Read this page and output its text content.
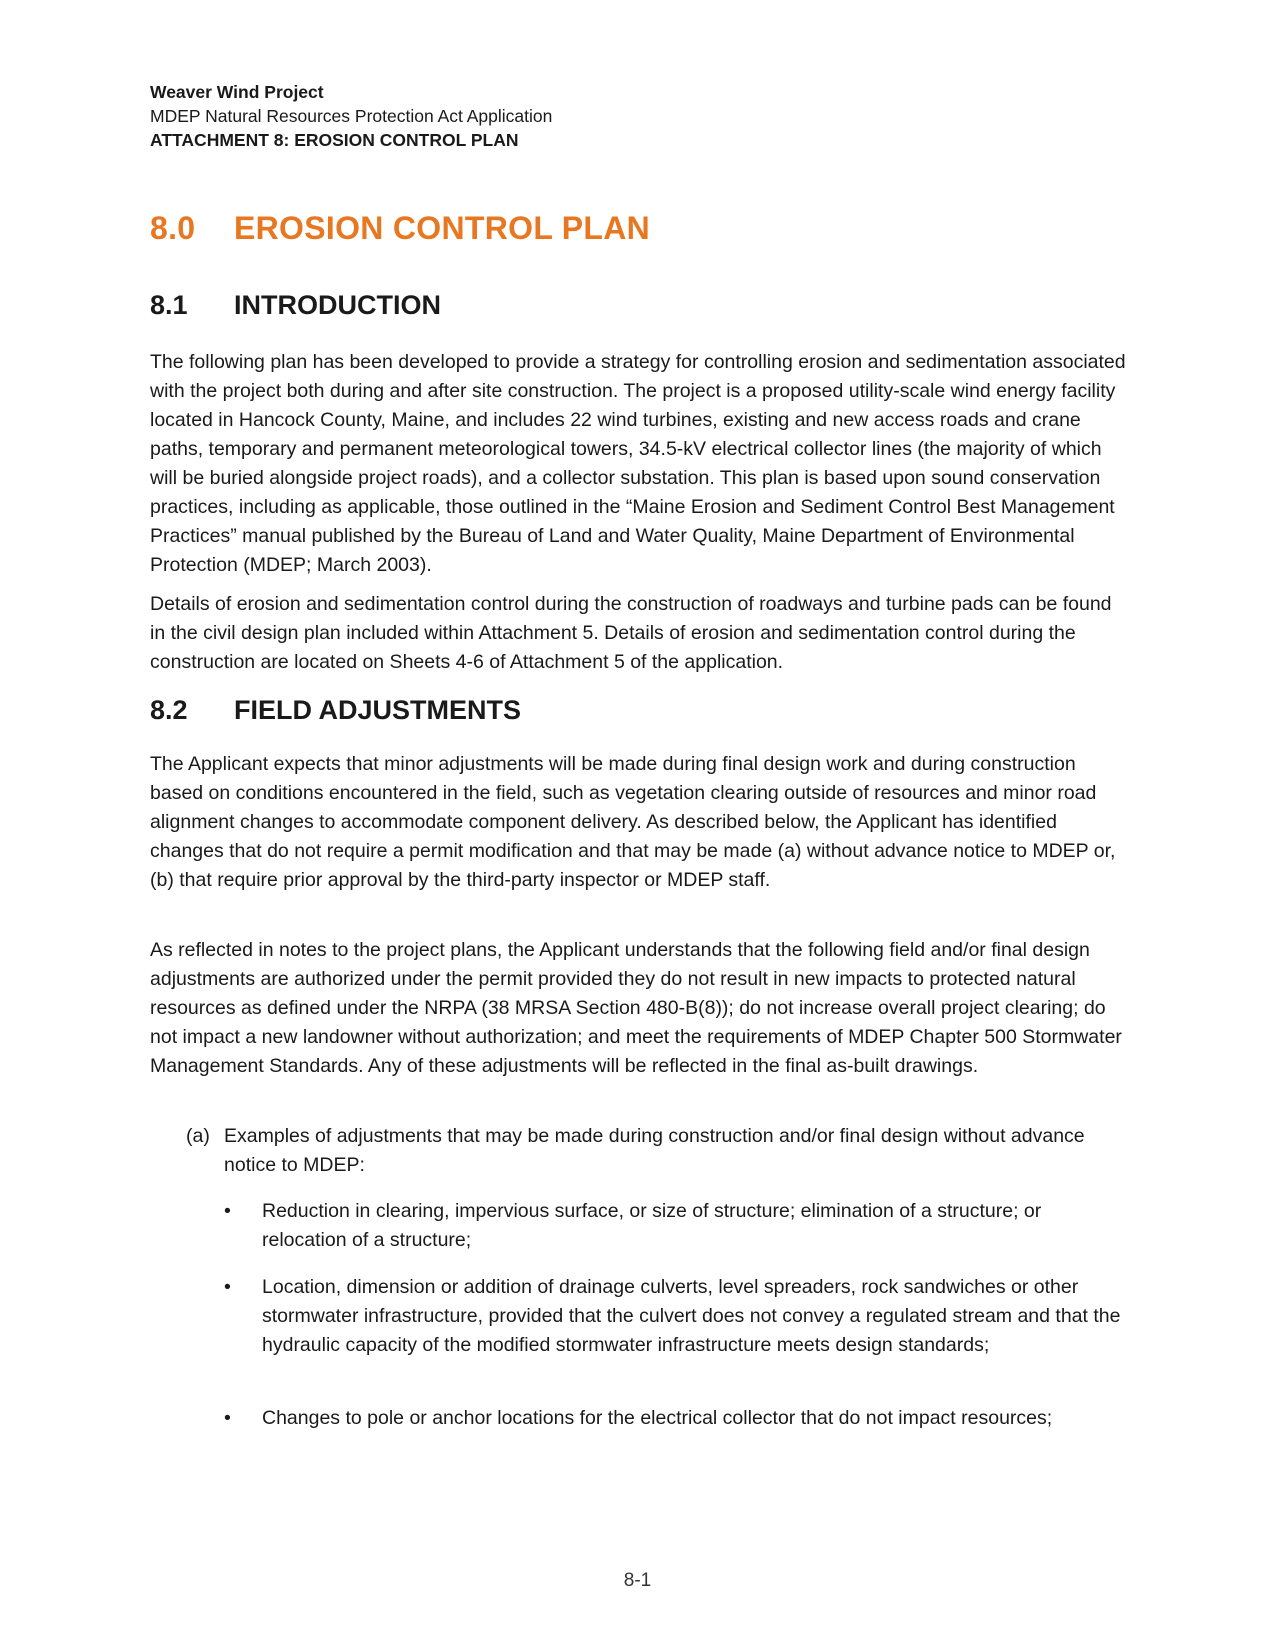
Weaver Wind Project
MDEP Natural Resources Protection Act Application
ATTACHMENT 8: EROSION CONTROL PLAN
8.0 EROSION CONTROL PLAN
8.1 INTRODUCTION

The following plan has been developed to provide a strategy for controlling erosion and sedimentation associated with the project both during and after site construction. The project is a proposed utility-scale wind energy facility located in Hancock County, Maine, and includes 22 wind turbines, existing and new access roads and crane paths, temporary and permanent meteorological towers, 34.5-kV electrical collector lines (the majority of which will be buried alongside project roads), and a collector substation. This plan is based upon sound conservation practices, including as applicable, those outlined in the “Maine Erosion and Sediment Control Best Management Practices” manual published by the Bureau of Land and Water Quality, Maine Department of Environmental Protection (MDEP; March 2003).

Details of erosion and sedimentation control during the construction of roadways and turbine pads can be found in the civil design plan included within Attachment 5. Details of erosion and sedimentation control during the construction are located on Sheets 4-6 of Attachment 5 of the application.

8.2 FIELD ADJUSTMENTS

The Applicant expects that minor adjustments will be made during final design work and during construction based on conditions encountered in the field, such as vegetation clearing outside of resources and minor road alignment changes to accommodate component delivery. As described below, the Applicant has identified changes that do not require a permit modification and that may be made (a) without advance notice to MDEP or, (b) that require prior approval by the third-party inspector or MDEP staff.

As reflected in notes to the project plans, the Applicant understands that the following field and/or final design adjustments are authorized under the permit provided they do not result in new impacts to protected natural resources as defined under the NRPA (38 MRSA Section 480-B(8)); do not increase overall project clearing; do not impact a new landowner without authorization; and meet the requirements of MDEP Chapter 500 Stormwater Management Standards. Any of these adjustments will be reflected in the final as-built drawings.

(a) Examples of adjustments that may be made during construction and/or final design without advance notice to MDEP:
• Reduction in clearing, impervious surface, or size of structure; elimination of a structure; or relocation of a structure;
• Location, dimension or addition of drainage culverts, level spreaders, rock sandwiches or other stormwater infrastructure, provided that the culvert does not convey a regulated stream and that the hydraulic capacity of the modified stormwater infrastructure meets design standards;
• Changes to pole or anchor locations for the electrical collector that do not impact resources;
8-1
